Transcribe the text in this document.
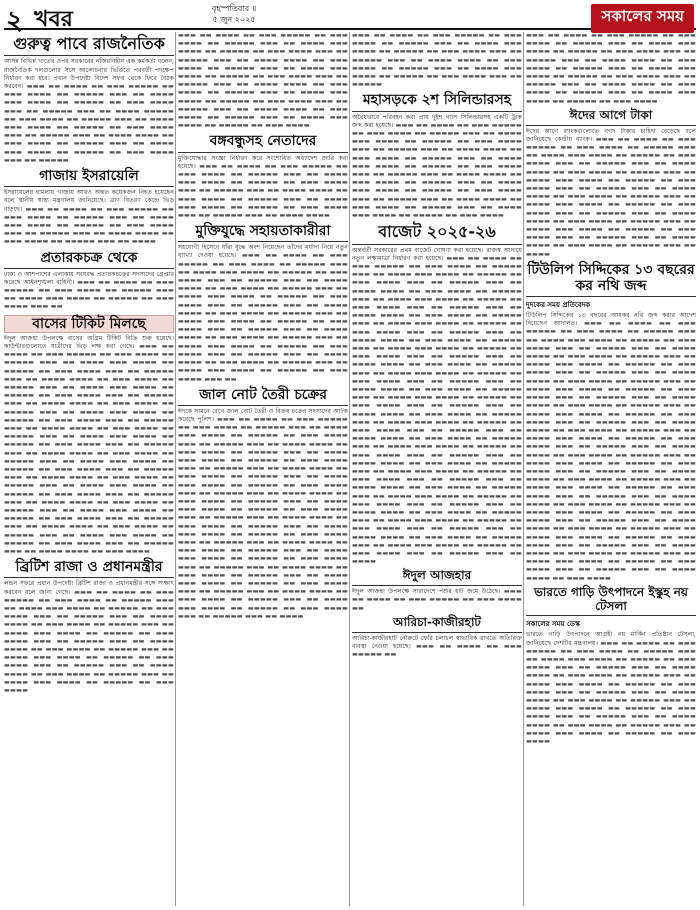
২ খবর	বৃহস্পতিবার ॥
৫ জুন ২০২৫	সকালের সময়
গুরুত্ব পাবে রাজনৈতিক

আসন্ন বিভিন্ন খাতের ওপর সরকারের নজিরবিহীন এক কর্মকর্তা বলেন, রাজনৈতিক দলগুলোর সঙ্গে আলোচনার ভিত্তিতে পরবর্তী পদক্ষেপ নির্ধারণ করা হবে। প্রধান উপদেষ্টা বিদেশ সফর থেকে ফিরে বৈঠক করবেন। ▬▬▬ ▬▬ ▬▬▬▬ ▬▬ ▬▬▬ ▬▬▬▬▬ ▬▬ ▬▬▬ ▬▬▬▬ ▬▬ ▬▬▬▬▬ ▬▬▬ ▬▬ ▬▬▬▬ ▬▬▬ ▬▬▬▬ ▬▬ ▬▬▬▬▬ ▬▬ ▬▬▬ ▬▬▬▬ ▬▬▬ ▬▬ ▬▬▬▬▬ ▬▬▬ ▬▬ ▬▬▬▬ ▬▬▬▬▬ ▬▬ ▬▬▬ ▬▬▬▬ ▬▬ ▬▬▬▬▬ ▬▬▬ ▬▬ ▬▬▬▬ ▬▬▬ ▬▬▬▬ ▬▬ ▬▬▬▬▬ ▬▬ ▬▬▬ ▬▬▬▬ ▬▬▬ ▬▬ ▬▬▬▬▬ ▬▬▬ ▬▬ ▬▬▬▬ ▬▬▬▬ ▬▬ ▬▬▬ ▬▬▬▬ ▬▬ ▬▬▬▬▬ ▬▬▬ ▬▬ ▬▬▬▬ ▬▬▬ ▬▬▬▬ ▬▬ ▬▬▬▬▬ ▬▬ ▬▬▬ ▬▬▬▬ ▬▬▬ ▬▬ ▬▬▬▬▬

গাজায় ইসরায়েলি

ইসরায়েলের হামলায় গাজায় আরও অন্তত কয়েকজন নিহত হয়েছেন বলে স্থানীয় স্বাস্থ্য মন্ত্রণালয় জানিয়েছে। ত্রাণ বিতরণ কেন্দ্রে ভিড় বাড়ছে। ▬▬▬ ▬▬ ▬▬▬▬ ▬▬ ▬▬▬ ▬▬▬▬▬ ▬▬ ▬▬▬ ▬▬▬▬ ▬▬ ▬▬▬▬▬ ▬▬▬ ▬▬ ▬▬▬▬ ▬▬▬ ▬▬▬▬ ▬▬ ▬▬▬▬▬ ▬▬ ▬▬▬ ▬▬▬▬ ▬▬▬ ▬▬ ▬▬▬▬▬ ▬▬▬ ▬▬ ▬▬▬▬ ▬▬▬▬ ▬▬ ▬▬▬ ▬▬▬▬ ▬▬ ▬▬▬▬▬ ▬▬▬ ▬▬ ▬▬▬▬

প্রতারকচক্র থেকে

ঢাকা ও আশপাশের এলাকায় সংঘবদ্ধ প্রতারকচক্রের সদস্যদের গ্রেপ্তার করেছে আইনশৃঙ্খলা বাহিনী। ▬▬▬ ▬▬ ▬▬▬▬ ▬▬ ▬▬▬ ▬▬▬▬▬ ▬▬ ▬▬▬ ▬▬▬▬ ▬▬ ▬▬▬▬▬ ▬▬▬ ▬▬ ▬▬▬▬ ▬▬▬ ▬▬▬▬ ▬▬ ▬▬▬▬▬ ▬▬ ▬▬▬ ▬▬▬▬ ▬▬▬ ▬▬

বাসের টিকিট মিলছে

ঈদুল আজহা উপলক্ষে বাসের অগ্রিম টিকিট বিক্রি শুরু হয়েছে। কাউন্টারগুলোতে যাত্রীদের ভিড় লক্ষ করা গেছে। ▬▬▬ ▬▬ ▬▬▬▬ ▬▬ ▬▬▬ ▬▬▬▬▬ ▬▬ ▬▬▬ ▬▬▬▬ ▬▬ ▬▬▬▬▬ ▬▬▬ ▬▬ ▬▬▬▬ ▬▬▬ ▬▬▬▬ ▬▬ ▬▬▬▬▬ ▬▬ ▬▬▬ ▬▬▬▬ ▬▬▬ ▬▬ ▬▬▬▬▬ ▬▬▬ ▬▬ ▬▬▬▬ ▬▬▬▬ ▬▬ ▬▬▬ ▬▬▬▬ ▬▬ ▬▬▬▬▬ ▬▬▬ ▬▬ ▬▬▬▬ ▬▬▬ ▬▬▬▬ ▬▬ ▬▬▬▬▬ ▬▬ ▬▬▬ ▬▬▬▬ ▬▬▬ ▬▬ ▬▬▬▬▬ ▬▬▬ ▬▬ ▬▬▬▬ ▬▬▬▬ ▬▬ ▬▬▬ ▬▬▬▬ ▬▬ ▬▬▬▬▬ ▬▬▬ ▬▬ ▬▬▬▬ ▬▬▬ ▬▬▬▬ ▬▬ ▬▬▬▬▬ ▬▬ ▬▬▬ ▬▬▬▬ ▬▬▬ ▬▬ ▬▬▬▬▬ ▬▬▬ ▬▬ ▬▬▬▬ ▬▬▬▬ ▬▬ ▬▬▬ ▬▬▬▬ ▬▬ ▬▬▬▬▬ ▬▬▬ ▬▬ ▬▬▬▬ ▬▬▬ ▬▬▬▬ ▬▬ ▬▬▬▬▬ ▬▬ ▬▬▬ ▬▬▬▬ ▬▬▬ ▬▬ ▬▬▬▬▬ ▬▬▬ ▬▬ ▬▬▬▬ ▬▬▬▬ ▬▬ ▬▬▬ ▬▬▬▬ ▬▬ ▬▬▬▬▬ ▬▬▬ ▬▬ ▬▬▬▬ ▬▬▬ ▬▬▬▬ ▬▬ ▬▬▬▬▬ ▬▬ ▬▬▬ ▬▬▬▬ ▬▬▬ ▬▬ ▬▬▬▬▬ ▬▬▬ ▬▬ ▬▬▬▬ ▬▬▬▬ ▬▬ ▬▬▬ ▬▬▬▬ ▬▬ ▬▬▬▬▬ ▬▬▬ ▬▬ ▬▬▬▬ ▬▬▬ ▬▬▬▬ ▬▬ ▬▬▬▬▬ ▬▬ ▬▬▬ ▬▬▬▬ ▬▬▬ ▬▬ ▬▬▬▬▬ ▬▬▬ ▬▬ ▬▬▬▬ ▬▬▬▬ ▬▬ ▬▬▬ ▬▬▬▬ ▬▬ ▬▬▬▬▬ ▬▬▬ ▬▬ ▬▬▬▬ ▬▬▬ ▬▬▬▬ ▬▬ ▬▬▬▬▬ ▬▬ ▬▬▬ ▬▬▬▬ ▬▬▬ ▬▬ ▬▬▬▬▬ ▬▬▬ ▬▬ ▬▬▬▬ ▬▬▬▬ ▬▬ ▬▬▬ ▬▬▬▬ ▬▬ ▬▬▬▬▬ ▬▬▬ ▬▬ ▬▬▬▬ ▬▬▬ ▬▬▬▬ ▬▬ ▬▬▬▬▬ ▬▬ ▬▬▬ ▬▬▬▬ ▬▬▬ ▬▬ ▬▬▬▬▬ ▬▬▬ ▬▬ ▬▬▬▬ ▬▬▬▬ ▬▬ ▬▬▬ ▬▬▬▬

ব্রিটিশ রাজা ও প্রধানমন্ত্রীর

লন্ডন সফরে প্রধান উপদেষ্টা ব্রিটিশ রাজা ও প্রধানমন্ত্রীর সঙ্গে সাক্ষাৎ করবেন বলে জানা গেছে। ▬▬▬ ▬▬ ▬▬▬▬ ▬▬ ▬▬▬ ▬▬▬▬▬ ▬▬ ▬▬▬ ▬▬▬▬ ▬▬ ▬▬▬▬▬ ▬▬▬ ▬▬ ▬▬▬▬ ▬▬▬ ▬▬▬▬ ▬▬ ▬▬▬▬▬ ▬▬ ▬▬▬ ▬▬▬▬ ▬▬▬ ▬▬ ▬▬▬▬▬ ▬▬▬ ▬▬ ▬▬▬▬ ▬▬▬▬ ▬▬ ▬▬▬ ▬▬▬▬ ▬▬ ▬▬▬▬▬ ▬▬▬ ▬▬ ▬▬▬▬ ▬▬▬ ▬▬▬▬ ▬▬ ▬▬▬▬▬ ▬▬ ▬▬▬ ▬▬▬▬ ▬▬▬ ▬▬ ▬▬▬▬▬ ▬▬▬ ▬▬ ▬▬▬▬ ▬▬▬▬ ▬▬ ▬▬▬ ▬▬▬▬ ▬▬ ▬▬▬▬▬ ▬▬▬ ▬▬ ▬▬▬▬ ▬▬▬ ▬▬▬▬ ▬▬ ▬▬▬▬▬ ▬▬ ▬▬▬ ▬▬▬▬ ▬▬▬ ▬▬ ▬▬▬▬▬ ▬▬▬ ▬▬ ▬▬▬▬ ▬▬▬▬ ▬▬ ▬▬▬ ▬▬▬▬ ▬▬ ▬▬▬▬▬ ▬▬▬ ▬▬ ▬▬▬▬ ▬▬▬ ▬▬▬▬ ▬▬ ▬▬▬▬▬ ▬▬ ▬▬▬ ▬▬▬▬

▬▬▬ ▬▬ ▬▬▬▬ ▬▬ ▬▬▬ ▬▬▬▬▬ ▬▬ ▬▬▬ ▬▬▬▬ ▬▬ ▬▬▬▬▬ ▬▬▬ ▬▬ ▬▬▬▬ ▬▬▬ ▬▬▬▬ ▬▬ ▬▬▬▬▬ ▬▬ ▬▬▬ ▬▬▬▬ ▬▬▬ ▬▬ ▬▬▬▬▬ ▬▬▬ ▬▬ ▬▬▬▬ ▬▬▬▬ ▬▬ ▬▬▬ ▬▬▬▬ ▬▬ ▬▬▬▬▬ ▬▬▬ ▬▬ ▬▬▬▬ ▬▬▬ ▬▬▬▬ ▬▬ ▬▬▬▬▬ ▬▬ ▬▬▬ ▬▬▬▬ ▬▬▬ ▬▬ ▬▬▬▬▬ ▬▬▬ ▬▬ ▬▬▬▬ ▬▬▬▬ ▬▬ ▬▬▬ ▬▬▬▬ ▬▬ ▬▬▬▬▬ ▬▬▬ ▬▬ ▬▬▬▬ ▬▬▬ ▬▬▬▬ ▬▬ ▬▬▬▬▬ ▬▬ ▬▬▬ ▬▬▬▬ ▬▬▬ ▬▬ ▬▬▬▬▬ ▬▬▬ ▬▬ ▬▬▬▬ ▬▬▬▬ ▬▬ ▬▬▬ ▬▬▬▬ ▬▬ ▬▬▬▬▬ ▬▬▬ ▬▬ ▬▬▬▬ ▬▬▬ ▬▬▬▬ ▬▬ ▬▬▬▬▬ ▬▬ ▬▬▬ ▬▬▬▬

বঙ্গবন্ধুসহ নেতাদের

মুক্তিযোদ্ধার সংজ্ঞা নির্ধারণ করে সংশোধিত অধ্যাদেশ জারি করা হয়েছে। ▬▬▬ ▬▬ ▬▬▬▬ ▬▬ ▬▬▬ ▬▬▬▬▬ ▬▬ ▬▬▬ ▬▬▬▬ ▬▬ ▬▬▬▬▬ ▬▬▬ ▬▬ ▬▬▬▬ ▬▬▬ ▬▬▬▬ ▬▬ ▬▬▬▬▬ ▬▬ ▬▬▬ ▬▬▬▬ ▬▬▬ ▬▬ ▬▬▬▬▬ ▬▬▬ ▬▬ ▬▬▬▬ ▬▬▬▬ ▬▬ ▬▬▬ ▬▬▬▬ ▬▬ ▬▬▬▬▬ ▬▬▬ ▬▬ ▬▬▬▬ ▬▬▬ ▬▬▬▬ ▬▬ ▬▬▬▬▬ ▬▬ ▬▬▬ ▬▬▬▬ ▬▬▬ ▬▬ ▬▬▬▬▬ ▬▬▬ ▬▬ ▬▬▬▬ ▬▬▬▬

মুক্তিযুদ্ধে সহায়তাকারীরা

সহযোগী হিসেবে যাঁরা যুদ্ধে অংশ নিয়েছেন তাঁদের মর্যাদা নিয়ে নতুন ব্যাখ্যা দেওয়া হয়েছে। ▬▬▬ ▬▬ ▬▬▬▬ ▬▬ ▬▬▬ ▬▬▬▬▬ ▬▬ ▬▬▬ ▬▬▬▬ ▬▬ ▬▬▬▬▬ ▬▬▬ ▬▬ ▬▬▬▬ ▬▬▬ ▬▬▬▬ ▬▬ ▬▬▬▬▬ ▬▬ ▬▬▬ ▬▬▬▬ ▬▬▬ ▬▬ ▬▬▬▬▬ ▬▬▬ ▬▬ ▬▬▬▬ ▬▬▬▬ ▬▬ ▬▬▬ ▬▬▬▬ ▬▬ ▬▬▬▬▬ ▬▬▬ ▬▬ ▬▬▬▬ ▬▬▬ ▬▬▬▬ ▬▬ ▬▬▬▬▬ ▬▬ ▬▬▬ ▬▬▬▬ ▬▬▬ ▬▬ ▬▬▬▬▬ ▬▬▬ ▬▬ ▬▬▬▬ ▬▬▬▬ ▬▬ ▬▬▬ ▬▬▬▬ ▬▬ ▬▬▬▬▬ ▬▬▬ ▬▬ ▬▬▬▬ ▬▬▬ ▬▬▬▬ ▬▬ ▬▬▬▬▬ ▬▬ ▬▬▬ ▬▬▬▬ ▬▬▬ ▬▬ ▬▬▬▬▬ ▬▬▬ ▬▬ ▬▬▬▬ ▬▬▬▬ ▬▬ ▬▬▬ ▬▬▬▬ ▬▬ ▬▬▬▬▬ ▬▬▬ ▬▬ ▬▬▬▬ ▬▬▬ ▬▬▬▬ ▬▬ ▬▬▬▬▬ ▬▬ ▬▬▬ ▬▬▬▬ ▬▬▬ ▬▬ ▬▬▬▬▬ ▬▬▬ ▬▬ ▬▬▬▬ ▬▬▬▬ ▬▬ ▬▬▬ ▬▬▬▬ ▬▬ ▬▬▬▬▬ ▬▬▬ ▬▬ ▬▬▬▬ ▬▬▬ ▬▬▬▬ ▬▬ ▬▬▬▬▬ ▬▬ ▬▬▬ ▬▬▬▬ ▬▬▬ ▬▬

জাল নোট তৈরী চক্রের

ঈদকে সামনে রেখে জাল নোট তৈরী ও বিক্রয় চক্রের সদস্যদের আটক করেছে পুলিশ। ▬▬▬ ▬▬ ▬▬▬▬ ▬▬ ▬▬▬ ▬▬▬▬▬ ▬▬ ▬▬▬ ▬▬▬▬ ▬▬ ▬▬▬▬▬ ▬▬▬ ▬▬ ▬▬▬▬ ▬▬▬ ▬▬▬▬ ▬▬ ▬▬▬▬▬ ▬▬ ▬▬▬ ▬▬▬▬ ▬▬▬ ▬▬ ▬▬▬▬▬ ▬▬▬ ▬▬ ▬▬▬▬ ▬▬▬▬ ▬▬ ▬▬▬ ▬▬▬▬ ▬▬ ▬▬▬▬▬ ▬▬▬ ▬▬ ▬▬▬▬ ▬▬▬ ▬▬▬▬ ▬▬ ▬▬▬▬▬ ▬▬ ▬▬▬ ▬▬▬▬ ▬▬▬ ▬▬ ▬▬▬▬▬ ▬▬▬ ▬▬ ▬▬▬▬ ▬▬▬▬ ▬▬ ▬▬▬ ▬▬▬▬ ▬▬ ▬▬▬▬▬ ▬▬▬ ▬▬ ▬▬▬▬ ▬▬▬ ▬▬▬▬ ▬▬ ▬▬▬▬▬ ▬▬ ▬▬▬ ▬▬▬▬ ▬▬▬ ▬▬ ▬▬▬▬▬ ▬▬▬ ▬▬ ▬▬▬▬ ▬▬▬▬ ▬▬ ▬▬▬ ▬▬▬▬ ▬▬ ▬▬▬▬▬ ▬▬▬ ▬▬ ▬▬▬▬ ▬▬▬ ▬▬▬▬ ▬▬ ▬▬▬▬▬ ▬▬ ▬▬▬ ▬▬▬▬ ▬▬▬ ▬▬ ▬▬▬▬▬ ▬▬▬ ▬▬ ▬▬▬▬ ▬▬▬▬ ▬▬ ▬▬▬ ▬▬▬▬ ▬▬ ▬▬▬▬▬ ▬▬▬ ▬▬ ▬▬▬▬ ▬▬▬ ▬▬▬▬ ▬▬ ▬▬▬▬▬ ▬▬ ▬▬▬ ▬▬▬▬ ▬▬▬ ▬▬ ▬▬▬▬▬ ▬▬▬ ▬▬ ▬▬▬▬ ▬▬▬▬ ▬▬ ▬▬▬ ▬▬▬▬ ▬▬ ▬▬▬▬▬ ▬▬▬ ▬▬ ▬▬▬▬ ▬▬▬ ▬▬▬▬ ▬▬ ▬▬▬▬▬ ▬▬ ▬▬▬ ▬▬▬▬ ▬▬▬ ▬▬ ▬▬▬▬▬ ▬▬▬ ▬▬ ▬▬▬▬ ▬▬▬▬ ▬▬ ▬▬▬ ▬▬▬▬ ▬▬ ▬▬▬▬▬ ▬▬▬ ▬▬ ▬▬▬▬ ▬▬▬ ▬▬▬▬ ▬▬ ▬▬▬▬▬ ▬▬ ▬▬▬ ▬▬▬▬ ▬▬▬ ▬▬ ▬▬▬▬▬ ▬▬▬ ▬▬ ▬▬▬▬ ▬▬▬▬ ▬▬ ▬▬▬ ▬▬▬▬ ▬▬ ▬▬▬▬▬ ▬▬▬ ▬▬ ▬▬▬▬ ▬▬▬ ▬▬▬▬ ▬▬ ▬▬▬▬▬ ▬▬ ▬▬▬ ▬▬▬▬ ▬▬▬ ▬▬ ▬▬▬▬▬ ▬▬▬ ▬▬ ▬▬▬▬

▬▬▬ ▬▬ ▬▬▬▬ ▬▬ ▬▬▬ ▬▬▬▬▬ ▬▬ ▬▬▬ ▬▬▬▬ ▬▬ ▬▬▬▬▬ ▬▬▬ ▬▬ ▬▬▬▬ ▬▬▬ ▬▬▬▬ ▬▬ ▬▬▬▬▬ ▬▬ ▬▬▬ ▬▬▬▬ ▬▬▬ ▬▬ ▬▬▬▬▬ ▬▬▬ ▬▬ ▬▬▬▬ ▬▬▬▬ ▬▬ ▬▬▬ ▬▬▬▬ ▬▬ ▬▬▬▬▬ ▬▬▬ ▬▬ ▬▬▬▬ ▬▬▬ ▬▬▬▬ ▬▬ ▬▬▬▬▬ ▬▬ ▬▬▬ ▬▬▬▬ ▬▬▬ ▬▬ ▬▬▬▬▬

মহাসড়কে ২শ সিলিন্ডারসহ

অবৈধভাবে পরিবহন করা প্রায় দুইশ গ্যাস সিলিন্ডারসহ একটি ট্রাক জব্দ করা হয়েছে। ▬▬▬ ▬▬ ▬▬▬▬ ▬▬ ▬▬▬ ▬▬▬▬▬ ▬▬ ▬▬▬ ▬▬▬▬ ▬▬ ▬▬▬▬▬ ▬▬▬ ▬▬ ▬▬▬▬ ▬▬▬ ▬▬▬▬ ▬▬ ▬▬▬▬▬ ▬▬ ▬▬▬ ▬▬▬▬ ▬▬▬ ▬▬ ▬▬▬▬▬ ▬▬▬ ▬▬ ▬▬▬▬ ▬▬▬▬ ▬▬ ▬▬▬ ▬▬▬▬ ▬▬ ▬▬▬▬▬ ▬▬▬ ▬▬ ▬▬▬▬ ▬▬▬ ▬▬▬▬ ▬▬ ▬▬▬▬▬ ▬▬ ▬▬▬ ▬▬▬▬ ▬▬▬ ▬▬ ▬▬▬▬▬ ▬▬▬ ▬▬ ▬▬▬▬ ▬▬▬▬ ▬▬ ▬▬▬ ▬▬▬▬ ▬▬ ▬▬▬▬▬ ▬▬▬ ▬▬ ▬▬▬▬ ▬▬▬ ▬▬▬▬ ▬▬ ▬▬▬▬▬ ▬▬ ▬▬▬ ▬▬▬▬ ▬▬▬ ▬▬ ▬▬▬▬▬ ▬▬▬ ▬▬ ▬▬▬▬ ▬▬▬▬ ▬▬ ▬▬▬ ▬▬▬▬ ▬▬ ▬▬▬▬▬ ▬▬▬ ▬▬ ▬▬▬▬ ▬▬▬ ▬▬▬▬ ▬▬ ▬▬▬▬▬ ▬▬ ▬▬▬ ▬▬▬▬

বাজেট ২০২৫-২৬

অন্তর্বর্তী সরকারের প্রথম বাজেট ঘোষণা করা হয়েছে। রাজস্ব আদায়ে নতুন লক্ষ্যমাত্রা নির্ধারণ করা হয়েছে। ▬▬▬ ▬▬ ▬▬▬▬ ▬▬ ▬▬▬ ▬▬▬▬▬ ▬▬ ▬▬▬ ▬▬▬▬ ▬▬ ▬▬▬▬▬ ▬▬▬ ▬▬ ▬▬▬▬ ▬▬▬ ▬▬▬▬ ▬▬ ▬▬▬▬▬ ▬▬ ▬▬▬ ▬▬▬▬ ▬▬▬ ▬▬ ▬▬▬▬▬ ▬▬▬ ▬▬ ▬▬▬▬ ▬▬▬▬ ▬▬ ▬▬▬ ▬▬▬▬ ▬▬ ▬▬▬▬▬ ▬▬▬ ▬▬ ▬▬▬▬ ▬▬▬ ▬▬▬▬ ▬▬ ▬▬▬▬▬ ▬▬ ▬▬▬ ▬▬▬▬ ▬▬▬ ▬▬ ▬▬▬▬▬ ▬▬▬ ▬▬ ▬▬▬▬ ▬▬▬▬ ▬▬ ▬▬▬ ▬▬▬▬ ▬▬ ▬▬▬▬▬ ▬▬▬ ▬▬ ▬▬▬▬ ▬▬▬ ▬▬▬▬ ▬▬ ▬▬▬▬▬ ▬▬ ▬▬▬ ▬▬▬▬ ▬▬▬ ▬▬ ▬▬▬▬▬ ▬▬▬ ▬▬ ▬▬▬▬ ▬▬▬▬ ▬▬ ▬▬▬ ▬▬▬▬ ▬▬ ▬▬▬▬▬ ▬▬▬ ▬▬ ▬▬▬▬ ▬▬▬ ▬▬▬▬ ▬▬ ▬▬▬▬▬ ▬▬ ▬▬▬ ▬▬▬▬ ▬▬▬ ▬▬ ▬▬▬▬▬ ▬▬▬ ▬▬ ▬▬▬▬ ▬▬▬▬ ▬▬ ▬▬▬ ▬▬▬▬ ▬▬ ▬▬▬▬▬ ▬▬▬ ▬▬ ▬▬▬▬ ▬▬▬ ▬▬▬▬ ▬▬ ▬▬▬▬▬ ▬▬ ▬▬▬ ▬▬▬▬ ▬▬▬ ▬▬ ▬▬▬▬▬ ▬▬▬ ▬▬ ▬▬▬▬ ▬▬▬▬ ▬▬ ▬▬▬ ▬▬▬▬ ▬▬ ▬▬▬▬▬ ▬▬▬ ▬▬ ▬▬▬▬ ▬▬▬ ▬▬▬▬ ▬▬ ▬▬▬▬▬ ▬▬ ▬▬▬ ▬▬▬▬ ▬▬▬ ▬▬ ▬▬▬▬▬ ▬▬▬ ▬▬ ▬▬▬▬ ▬▬▬▬ ▬▬ ▬▬▬ ▬▬▬▬ ▬▬ ▬▬▬▬▬ ▬▬▬ ▬▬ ▬▬▬▬ ▬▬▬ ▬▬▬▬ ▬▬ ▬▬▬▬▬ ▬▬ ▬▬▬ ▬▬▬▬ ▬▬▬ ▬▬ ▬▬▬▬▬ ▬▬▬ ▬▬ ▬▬▬▬ ▬▬▬▬ ▬▬ ▬▬▬ ▬▬▬▬ ▬▬ ▬▬▬▬▬ ▬▬▬ ▬▬ ▬▬▬▬ ▬▬▬ ▬▬▬▬ ▬▬ ▬▬▬▬▬ ▬▬ ▬▬▬ ▬▬▬▬ ▬▬▬ ▬▬ ▬▬▬▬▬ ▬▬▬ ▬▬ ▬▬▬▬ ▬▬▬▬ ▬▬ ▬▬▬ ▬▬▬▬ ▬▬ ▬▬▬▬▬ ▬▬▬ ▬▬ ▬▬▬▬ ▬▬▬ ▬▬▬▬ ▬▬ ▬▬▬▬▬ ▬▬ ▬▬▬ ▬▬▬▬ ▬▬▬ ▬▬ ▬▬▬▬▬ ▬▬▬ ▬▬ ▬▬▬▬ ▬▬▬▬ ▬▬ ▬▬▬ ▬▬▬▬ ▬▬ ▬▬▬▬▬ ▬▬▬ ▬▬ ▬▬▬▬ ▬▬▬ ▬▬▬▬ ▬▬ ▬▬▬▬▬ ▬▬ ▬▬▬ ▬▬▬▬ ▬▬▬ ▬▬ ▬▬▬▬▬ ▬▬▬ ▬▬ ▬▬▬▬ ▬▬▬▬ ▬▬ ▬▬▬ ▬▬▬▬ ▬▬ ▬▬▬▬▬ ▬▬▬ ▬▬ ▬▬▬▬ ▬▬▬ ▬▬▬▬ ▬▬ ▬▬▬▬▬ ▬▬ ▬▬▬ ▬▬▬▬ ▬▬▬ ▬▬ ▬▬▬▬▬ ▬▬▬ ▬▬ ▬▬▬▬ ▬▬▬▬ ▬▬ ▬▬▬ ▬▬▬▬ ▬▬ ▬▬▬▬▬ ▬▬▬ ▬▬ ▬▬▬▬ ▬▬▬ ▬▬▬▬ ▬▬ ▬▬▬▬▬ ▬▬ ▬▬▬ ▬▬▬▬ ▬▬▬ ▬▬ ▬▬▬▬▬ ▬▬▬ ▬▬ ▬▬▬▬

ঈদুল আজহার

ঈদুল আজহা উপলক্ষে সারাদেশে পশুর হাট জমে উঠেছে। ▬▬▬ ▬▬ ▬▬▬▬ ▬▬ ▬▬▬ ▬▬▬▬▬ ▬▬ ▬▬▬ ▬▬▬▬ ▬▬

আরিচা-কাজীরহাট

আরিচা-কাজীরহাট নৌরুটে ফেরি চলাচল স্বাভাবিক রাখতে অতিরিক্ত ব্যবস্থা নেওয়া হয়েছে। ▬▬▬ ▬▬ ▬▬▬▬ ▬▬ ▬▬▬ ▬▬▬▬▬ ▬▬

▬▬▬ ▬▬ ▬▬▬▬ ▬▬ ▬▬▬ ▬▬▬▬▬ ▬▬ ▬▬▬ ▬▬▬▬ ▬▬ ▬▬▬▬▬ ▬▬▬ ▬▬ ▬▬▬▬ ▬▬▬ ▬▬▬▬ ▬▬ ▬▬▬▬▬ ▬▬ ▬▬▬ ▬▬▬▬ ▬▬▬ ▬▬ ▬▬▬▬▬ ▬▬▬ ▬▬ ▬▬▬▬ ▬▬▬▬ ▬▬ ▬▬▬ ▬▬▬▬ ▬▬ ▬▬▬▬▬ ▬▬▬ ▬▬ ▬▬▬▬ ▬▬▬ ▬▬▬▬ ▬▬ ▬▬▬▬▬ ▬▬ ▬▬▬ ▬▬▬▬ ▬▬▬ ▬▬ ▬▬▬▬▬ ▬▬▬ ▬▬ ▬▬▬▬ ▬▬▬▬ ▬▬ ▬▬▬ ▬▬▬▬ ▬▬ ▬▬▬▬▬ ▬▬▬ ▬▬ ▬▬▬▬ ▬▬▬ ▬▬▬▬ ▬▬ ▬▬▬▬▬ ▬▬ ▬▬▬ ▬▬▬▬

ঈদের আগে টাকা

ঈদের আগে ব্যাংকগুলোতে নগদ টাকার চাহিদা বেড়েছে বলে জানিয়েছে কেন্দ্রীয় ব্যাংক। ▬▬▬ ▬▬ ▬▬▬▬ ▬▬ ▬▬▬ ▬▬▬▬▬ ▬▬ ▬▬▬ ▬▬▬▬ ▬▬ ▬▬▬▬▬ ▬▬▬ ▬▬ ▬▬▬▬ ▬▬▬ ▬▬▬▬ ▬▬ ▬▬▬▬▬ ▬▬ ▬▬▬ ▬▬▬▬ ▬▬▬ ▬▬ ▬▬▬▬▬ ▬▬▬ ▬▬ ▬▬▬▬ ▬▬▬▬ ▬▬ ▬▬▬ ▬▬▬▬ ▬▬ ▬▬▬▬▬ ▬▬▬ ▬▬ ▬▬▬▬ ▬▬▬ ▬▬▬▬ ▬▬ ▬▬▬▬▬ ▬▬ ▬▬▬ ▬▬▬▬ ▬▬▬ ▬▬ ▬▬▬▬▬ ▬▬▬ ▬▬ ▬▬▬▬ ▬▬▬▬ ▬▬ ▬▬▬ ▬▬▬▬ ▬▬ ▬▬▬▬▬ ▬▬▬ ▬▬ ▬▬▬▬ ▬▬▬ ▬▬▬▬ ▬▬ ▬▬▬▬▬ ▬▬ ▬▬▬ ▬▬▬▬ ▬▬▬ ▬▬ ▬▬▬▬▬ ▬▬▬ ▬▬ ▬▬▬▬ ▬▬▬▬ ▬▬ ▬▬▬ ▬▬▬▬ ▬▬ ▬▬▬▬▬ ▬▬▬ ▬▬ ▬▬▬▬ ▬▬▬ ▬▬▬▬ ▬▬ ▬▬▬▬▬ ▬▬ ▬▬▬ ▬▬▬▬ ▬▬▬ ▬▬ ▬▬▬▬▬ ▬▬▬ ▬▬ ▬▬▬▬ ▬▬▬▬ ▬▬ ▬▬▬ ▬▬▬▬ ▬▬ ▬▬▬▬▬ ▬▬▬ ▬▬ ▬▬▬▬

টিউলিপ সিদ্দিকের ১৩ বছরের কর নথি জব্দ
দুদকের সময় প্রতিবেদক

টিউলিপ সিদ্দিকের ১৩ বছরের আয়কর নথি জব্দ করার আদেশ দিয়েছেন আদালত। ▬▬▬ ▬▬ ▬▬▬▬ ▬▬ ▬▬▬ ▬▬▬▬▬ ▬▬ ▬▬▬ ▬▬▬▬ ▬▬ ▬▬▬▬▬ ▬▬▬ ▬▬ ▬▬▬▬ ▬▬▬ ▬▬▬▬ ▬▬ ▬▬▬▬▬ ▬▬ ▬▬▬ ▬▬▬▬ ▬▬▬ ▬▬ ▬▬▬▬▬ ▬▬▬ ▬▬ ▬▬▬▬ ▬▬▬▬ ▬▬ ▬▬▬ ▬▬▬▬ ▬▬ ▬▬▬▬▬ ▬▬▬ ▬▬ ▬▬▬▬ ▬▬▬ ▬▬▬▬ ▬▬ ▬▬▬▬▬ ▬▬ ▬▬▬ ▬▬▬▬ ▬▬▬ ▬▬ ▬▬▬▬▬ ▬▬▬ ▬▬ ▬▬▬▬ ▬▬▬▬ ▬▬ ▬▬▬ ▬▬▬▬ ▬▬ ▬▬▬▬▬ ▬▬▬ ▬▬ ▬▬▬▬ ▬▬▬ ▬▬▬▬ ▬▬ ▬▬▬▬▬ ▬▬ ▬▬▬ ▬▬▬▬ ▬▬▬ ▬▬ ▬▬▬▬▬ ▬▬▬ ▬▬ ▬▬▬▬ ▬▬▬▬ ▬▬ ▬▬▬ ▬▬▬▬ ▬▬ ▬▬▬▬▬ ▬▬▬ ▬▬ ▬▬▬▬ ▬▬▬ ▬▬▬▬ ▬▬ ▬▬▬▬▬ ▬▬ ▬▬▬ ▬▬▬▬ ▬▬▬ ▬▬ ▬▬▬▬▬ ▬▬▬ ▬▬ ▬▬▬▬ ▬▬▬▬ ▬▬ ▬▬▬ ▬▬▬▬ ▬▬ ▬▬▬▬▬ ▬▬▬ ▬▬ ▬▬▬▬ ▬▬▬ ▬▬▬▬ ▬▬ ▬▬▬▬▬ ▬▬ ▬▬▬ ▬▬▬▬ ▬▬▬ ▬▬ ▬▬▬▬▬ ▬▬▬ ▬▬ ▬▬▬▬ ▬▬▬▬ ▬▬ ▬▬▬ ▬▬▬▬ ▬▬ ▬▬▬▬▬ ▬▬▬ ▬▬ ▬▬▬▬ ▬▬▬ ▬▬▬▬ ▬▬ ▬▬▬▬▬ ▬▬ ▬▬▬ ▬▬▬▬ ▬▬▬ ▬▬ ▬▬▬▬▬ ▬▬▬ ▬▬ ▬▬▬▬ ▬▬▬▬ ▬▬ ▬▬▬ ▬▬▬▬ ▬▬ ▬▬▬▬▬ ▬▬▬ ▬▬ ▬▬▬▬ ▬▬▬ ▬▬▬▬ ▬▬ ▬▬▬▬▬ ▬▬ ▬▬▬ ▬▬▬▬ ▬▬▬ ▬▬ ▬▬▬▬▬ ▬▬▬ ▬▬ ▬▬▬▬ ▬▬▬▬ ▬▬ ▬▬▬ ▬▬▬▬ ▬▬ ▬▬▬▬▬ ▬▬▬ ▬▬ ▬▬▬▬ ▬▬▬ ▬▬▬▬ ▬▬ ▬▬▬▬▬ ▬▬ ▬▬▬ ▬▬▬▬ ▬▬▬ ▬▬ ▬▬▬▬▬ ▬▬▬ ▬▬ ▬▬▬▬ ▬▬▬▬ ▬▬ ▬▬▬ ▬▬▬▬ ▬▬ ▬▬▬▬▬ ▬▬▬ ▬▬ ▬▬▬▬ ▬▬▬ ▬▬▬▬ ▬▬ ▬▬▬▬▬ ▬▬ ▬▬▬ ▬▬▬▬ ▬▬▬ ▬▬ ▬▬▬▬▬ ▬▬▬ ▬▬ ▬▬▬▬ ▬▬▬▬ ▬▬ ▬▬▬ ▬▬▬▬ ▬▬ ▬▬▬▬▬ ▬▬▬ ▬▬ ▬▬▬▬ ▬▬▬ ▬▬▬▬ ▬▬ ▬▬▬▬▬ ▬▬ ▬▬▬ ▬▬▬▬ ▬▬▬ ▬▬ ▬▬▬▬▬ ▬▬▬ ▬▬ ▬▬▬▬ ▬▬▬▬ ▬▬ ▬▬▬ ▬▬▬▬

ভারতে গাড়ি উৎপাদনে ইস্কুহ নয় টেসলা
সকালের সময় ডেস্ক

ভারতে গাড়ি উৎপাদনে আগ্রহী নয় মার্কিন প্রতিষ্ঠান টেসলা, জানিয়েছে দেশটির মন্ত্রণালয়। ▬▬▬ ▬▬ ▬▬▬▬ ▬▬ ▬▬▬ ▬▬▬▬▬ ▬▬ ▬▬▬ ▬▬▬▬ ▬▬ ▬▬▬▬▬ ▬▬▬ ▬▬ ▬▬▬▬ ▬▬▬ ▬▬▬▬ ▬▬ ▬▬▬▬▬ ▬▬ ▬▬▬ ▬▬▬▬ ▬▬▬ ▬▬ ▬▬▬▬▬ ▬▬▬ ▬▬ ▬▬▬▬ ▬▬▬▬ ▬▬ ▬▬▬ ▬▬▬▬ ▬▬ ▬▬▬▬▬ ▬▬▬ ▬▬ ▬▬▬▬ ▬▬▬ ▬▬▬▬ ▬▬ ▬▬▬▬▬ ▬▬ ▬▬▬ ▬▬▬▬ ▬▬▬ ▬▬ ▬▬▬▬▬ ▬▬▬ ▬▬ ▬▬▬▬ ▬▬▬▬ ▬▬ ▬▬▬ ▬▬▬▬ ▬▬ ▬▬▬▬▬ ▬▬▬ ▬▬ ▬▬▬▬ ▬▬▬ ▬▬▬▬ ▬▬ ▬▬▬▬▬ ▬▬ ▬▬▬ ▬▬▬▬ ▬▬▬ ▬▬ ▬▬▬▬▬ ▬▬▬ ▬▬ ▬▬▬▬ ▬▬▬▬ ▬▬ ▬▬▬ ▬▬▬▬ ▬▬ ▬▬▬▬▬ ▬▬▬ ▬▬ ▬▬▬▬ ▬▬▬ ▬▬▬▬ ▬▬ ▬▬▬▬▬ ▬▬ ▬▬▬ ▬▬▬▬
